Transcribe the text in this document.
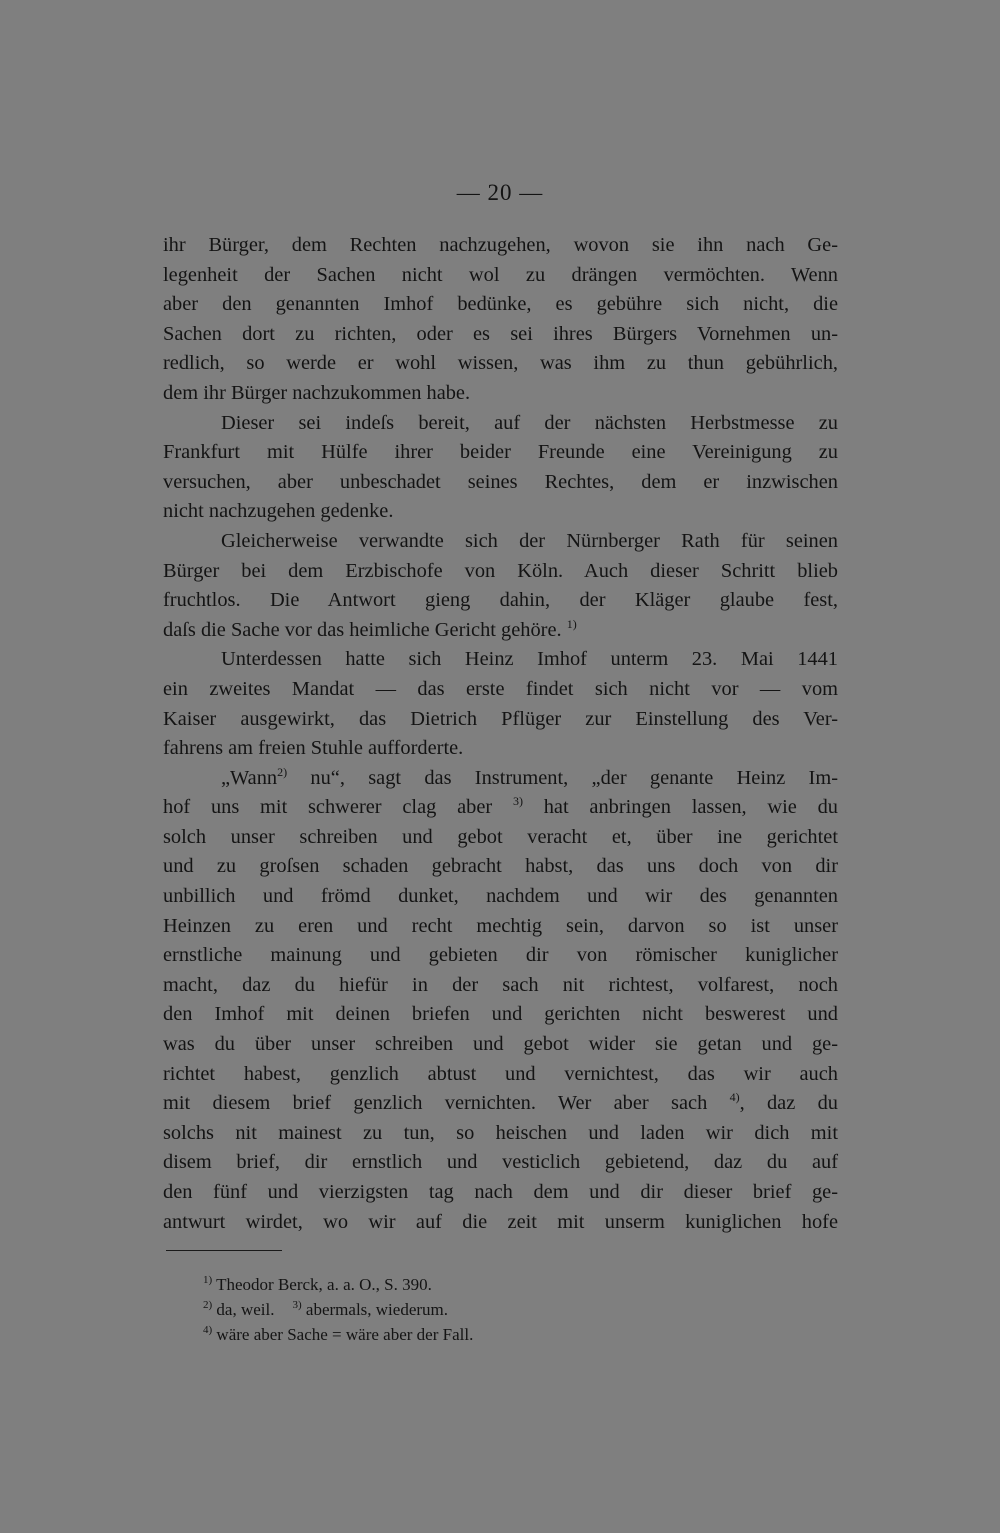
— 20 —
ihr Bürger, dem Rechten nachzugehen, wovon sie ihn nach Ge-
legenheit der Sachen nicht wol zu drängen vermöchten. Wenn
aber den genannten Imhof bedünke, es gebühre sich nicht, die
Sachen dort zu richten, oder es sei ihres Bürgers Vornehmen un-
redlich, so werde er wohl wissen, was ihm zu thun gebührlich,
dem ihr Bürger nachzukommen habe.
Dieser sei indeſs bereit, auf der nächsten Herbstmesse zu
Frankfurt mit Hülfe ihrer beider Freunde eine Vereinigung zu
versuchen, aber unbeschadet seines Rechtes, dem er inzwischen
nicht nachzugehen gedenke.
Gleicherweise verwandte sich der Nürnberger Rath für seinen
Bürger bei dem Erzbischofe von Köln. Auch dieser Schritt blieb
fruchtlos. Die Antwort gieng dahin, der Kläger glaube fest,
daſs die Sache vor das heimliche Gericht gehöre. $^{1)}$
Unterdessen hatte sich Heinz Imhof unterm 23. Mai 1441
ein zweites Mandat — das erste findet sich nicht vor — vom
Kaiser ausgewirkt, das Dietrich Pflüger zur Einstellung des Ver-
fahrens am freien Stuhle aufforderte.
„Wann$^{2)}$ nu“, sagt das Instrument, „der genante Heinz Im-
hof uns mit schwerer clag aber $^{3)}$ hat anbringen lassen, wie du
solch unser schreiben und gebot veracht et, über ine gerichtet
und zu groſsen schaden gebracht habst, das uns doch von dir
unbillich und frömd dunket, nachdem und wir des genannten
Heinzen zu eren und recht mechtig sein, darvon so ist unser
ernstliche mainung und gebieten dir von römischer kuniglicher
macht, daz du hiefür in der sach nit richtest, volfarest, noch
den Imhof mit deinen briefen und gerichten nicht beswerest und
was du über unser schreiben und gebot wider sie getan und ge-
richtet habest, genzlich abtust und vernichtest, das wir auch
mit diesem brief genzlich vernichten. Wer aber sach $^{4)}$, daz du
solchs nit mainest zu tun, so heischen und laden wir dich mit
disem brief, dir ernstlich und vesticlich gebietend, daz du auf
den fünf und vierzigsten tag nach dem und dir dieser brief ge-
antwurt wirdet, wo wir auf die zeit mit unserm kuniglichen hofe
$^{1)}$ Theodor Berck, a. a. O., S. 390.
$^{2)}$ da, weil. $^{3)}$ abermals, wiederum.
$^{4)}$ wäre aber Sache = wäre aber der Fall.
